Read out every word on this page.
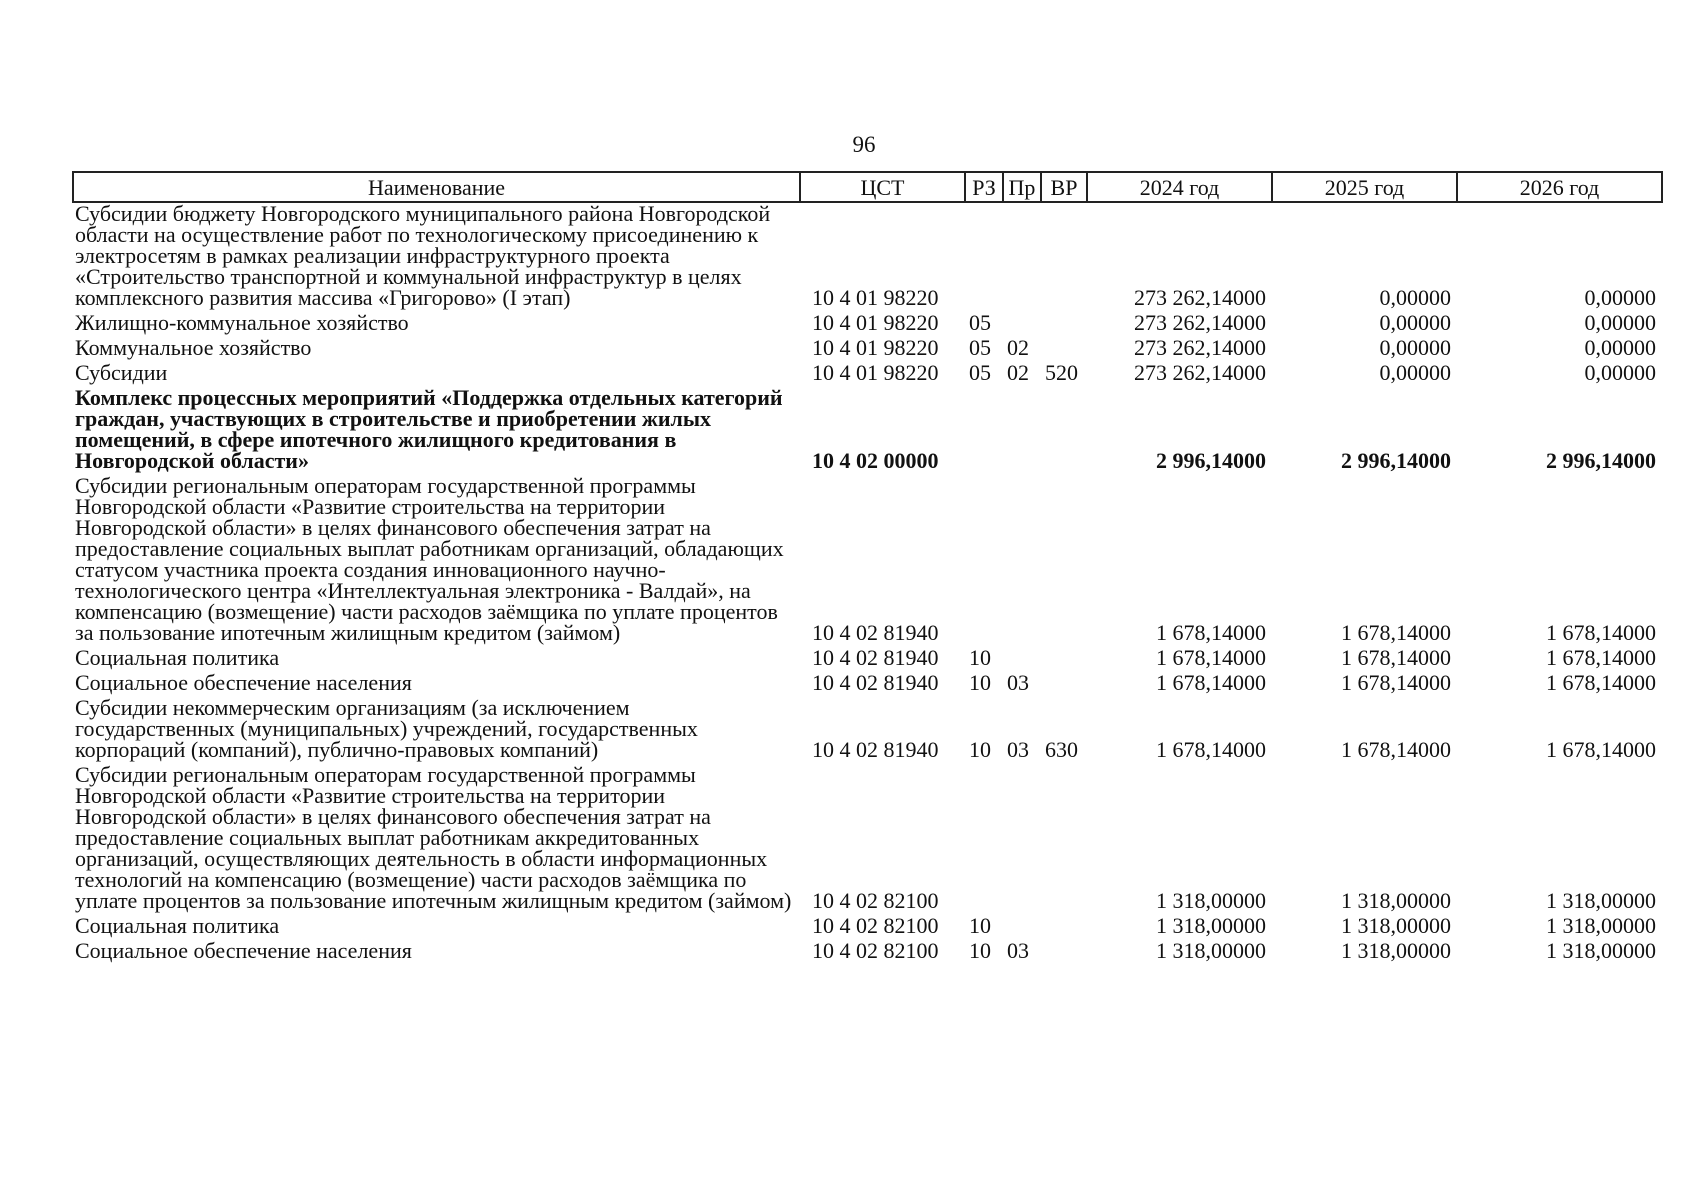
96
Наименование	ЦСТ	РЗ	Пр	ВР	2024 год	2025 год	2026 год
Субсидии бюджету Новгородского муниципального района Новгородской области на осуществление работ по технологическому присоединению к электросетям в рамках реализации инфраструктурного проекта «Строительство транспортной и коммунальной инфраструктур в целях комплексного развития массива «Григорово» (I этап)	10 4 01 98220				273 262,14000	0,00000	0,00000
Жилищно-коммунальное хозяйство	10 4 01 98220	05			273 262,14000	0,00000	0,00000
Коммунальное хозяйство	10 4 01 98220	05	02		273 262,14000	0,00000	0,00000
Субсидии	10 4 01 98220	05	02	520	273 262,14000	0,00000	0,00000
Комплекс процессных мероприятий «Поддержка отдельных категорий граждан, участвующих в строительстве и приобретении жилых помещений, в сфере ипотечного жилищного кредитования в Новгородской области»	10 4 02 00000				2 996,14000	2 996,14000	2 996,14000
Субсидии региональным операторам государственной программы Новгородской области «Развитие строительства на территории Новгородской области» в целях финансового обеспечения затрат на предоставление социальных выплат работникам организаций, обладающих статусом участника проекта создания инновационного научно-технологического центра «Интеллектуальная электроника - Валдай», на компенсацию (возмещение) части расходов заёмщика по уплате процентов за пользование ипотечным жилищным кредитом (займом)	10 4 02 81940				1 678,14000	1 678,14000	1 678,14000
Социальная политика	10 4 02 81940	10			1 678,14000	1 678,14000	1 678,14000
Социальное обеспечение населения	10 4 02 81940	10	03		1 678,14000	1 678,14000	1 678,14000
Субсидии некоммерческим организациям (за исключением государственных (муниципальных) учреждений, государственных корпораций (компаний), публично-правовых компаний)	10 4 02 81940	10	03	630	1 678,14000	1 678,14000	1 678,14000
Субсидии региональным операторам государственной программы Новгородской области «Развитие строительства на территории Новгородской области» в целях финансового обеспечения затрат на предоставление социальных выплат работникам аккредитованных организаций, осуществляющих деятельность в области информационных технологий на компенсацию (возмещение) части расходов заёмщика по уплате процентов за пользование ипотечным жилищным кредитом (займом)	10 4 02 82100				1 318,00000	1 318,00000	1 318,00000
Социальная политика	10 4 02 82100	10			1 318,00000	1 318,00000	1 318,00000
Социальное обеспечение населения	10 4 02 82100	10	03		1 318,00000	1 318,00000	1 318,00000
